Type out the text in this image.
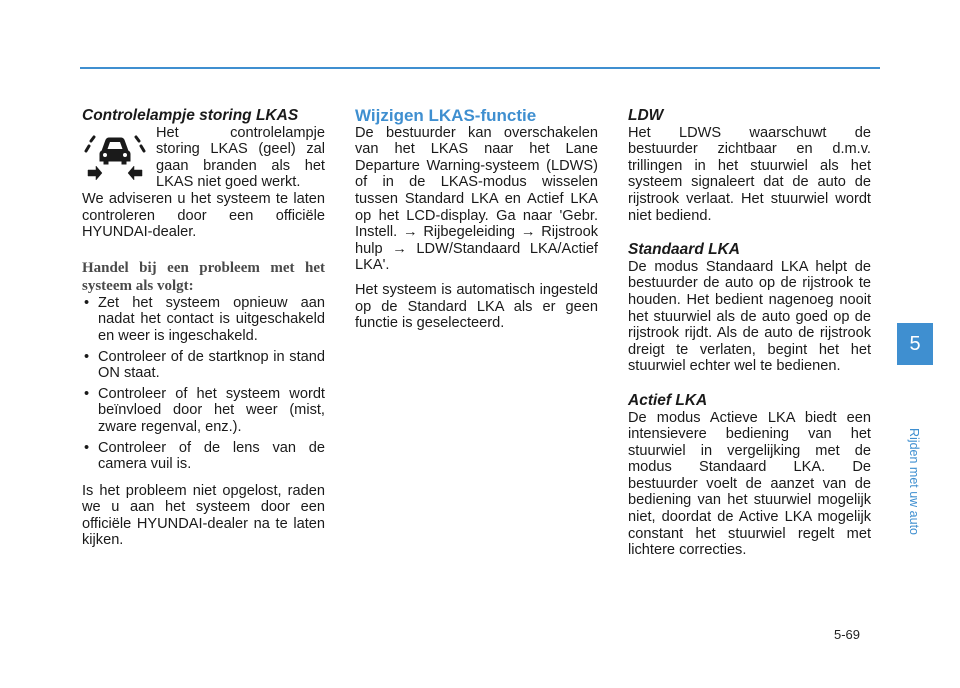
Controlelampje storing LKAS

Het controlelampje storing LKAS (geel) zal gaan branden als het LKAS niet goed werkt.

We adviseren u het systeem te laten controleren door een officiële HYUNDAI-dealer.

Handel bij een probleem met het systeem als volgt:

• Zet het systeem opnieuw aan nadat het contact is uitgeschakeld en weer is ingeschakeld.
• Controleer of de startknop in stand ON staat.
• Controleer of het systeem wordt beïnvloed door het weer (mist, zware regenval, enz.).
• Controleer of de lens van de camera vuil is.

Is het probleem niet opgelost, raden we u aan het systeem door een officiële HYUNDAI-dealer na te laten kijken.

Wijzigen LKAS-functie

De bestuurder kan overschakelen van het LKAS naar het Lane Departure Warning-systeem (LDWS) of in de LKAS-modus wisselen tussen Standard LKA en Actief LKA op het LCD-display. Ga naar 'Gebr. Instell. → Rijbegeleiding → Rijstrook hulp → LDW/Standaard LKA/Actief LKA'.

Het systeem is automatisch ingesteld op de Standard LKA als er geen functie is geselecteerd.

LDW

Het LDWS waarschuwt de bestuurder zichtbaar en d.m.v. trillingen in het stuurwiel als het systeem signaleert dat de auto de rijstrook verlaat. Het stuurwiel wordt niet bediend.

Standaard LKA

De modus Standaard LKA helpt de bestuurder de auto op de rijstrook te houden. Het bedient nagenoeg nooit het stuurwiel als de auto goed op de rijstrook rijdt. Als de auto de rijstrook dreigt te verlaten, begint het het stuurwiel echter wel te bedienen.

Actief LKA

De modus Actieve LKA biedt een intensievere bediening van het stuurwiel in vergelijking met de modus Standaard LKA. De bestuurder voelt de aanzet van de bediening van het stuurwiel mogelijk niet, doordat de Active LKA mogelijk constant het stuurwiel regelt met lichtere correcties.

5
Rijden met uw auto
5-69
